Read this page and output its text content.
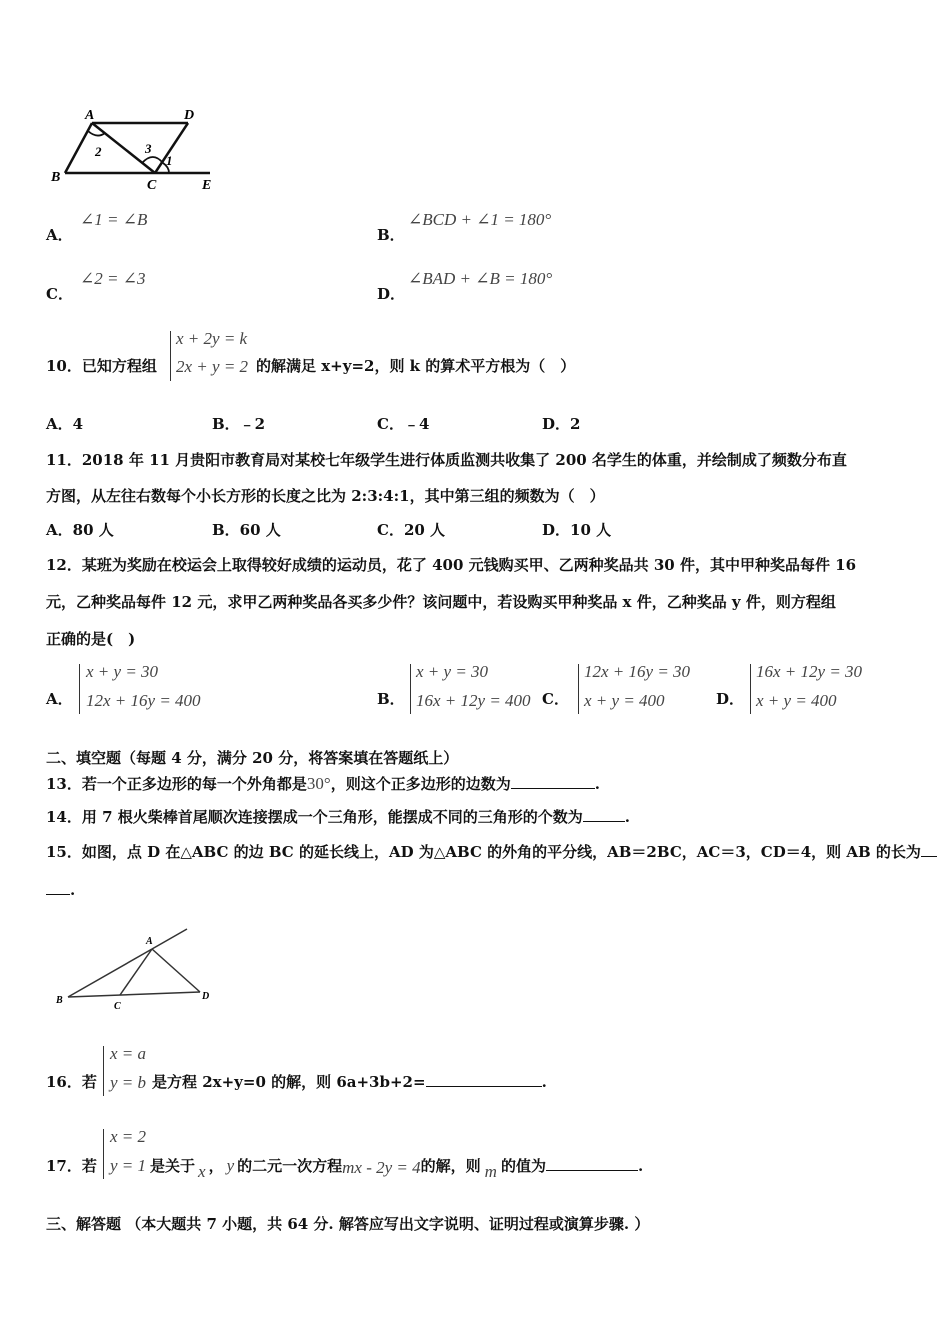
A	D
B
C	E
2	3
1
A．
∠1 = ∠B
B．
∠BCD + ∠1 = 180°
C．
∠2 = ∠3
D．
∠BAD + ∠B = 180°
10．已知方程组
x + 2y = k
2x + y = 2 的解满足 x+y=2，则 k 的算术平方根为（　）
A．4	B．﹣2	C．﹣4	D．2
11．2018 年 11 月贵阳市教育局对某校七年级学生进行体质监测共收集了 200 名学生的体重，并绘制成了频数分布直
方图，从左往右数每个小长方形的长度之比为 2:3:4:1，其中第三组的频数为（　）
A．80 人	B．60 人	C．20 人	D．10 人
12．某班为奖励在校运会上取得较好成绩的运动员，花了 400 元钱购买甲、乙两种奖品共 30 件，其中甲种奖品每件 16
元，乙种奖品每件 12 元，求甲乙两种奖品各买多少件？该问题中，若设购买甲种奖品 x 件，乙种奖品 y 件，则方程组
正确的是(　)
A．
x + y = 30
12x + 16y = 400	B．
x + y = 30
16x + 12y = 400 C．
12x + 16y = 30
x + y = 400	D．
16x + 12y = 30
x + y = 400
二、填空题（每题 4 分，满分 20 分，将答案填在答题纸上）
13．若一个正多边形的每一个外角都是30°，则这个正多边形的边数为	.
14．用 7 根火柴棒首尾顺次连接摆成一个三角形，能摆成不同的三角形的个数为	.
15．如图，点 D 在△ABC 的边 BC 的延长线上，AD 为△ABC 的外角的平分线，AB＝2BC，AC＝3，CD＝4，则 AB 的长为
.
A
B
C
D
16．若
x = a
y = b 是方程 2x+y=0 的解，则 6a+3b+2=	.
17．若
x = 2
y = 1 是关于 x ， y 的二元一次方程mx - 2y = 4的解，则 m 的值为	.
三、解答题 （本大题共 7 小题，共 64 分. 解答应写出文字说明、证明过程或演算步骤. ）
